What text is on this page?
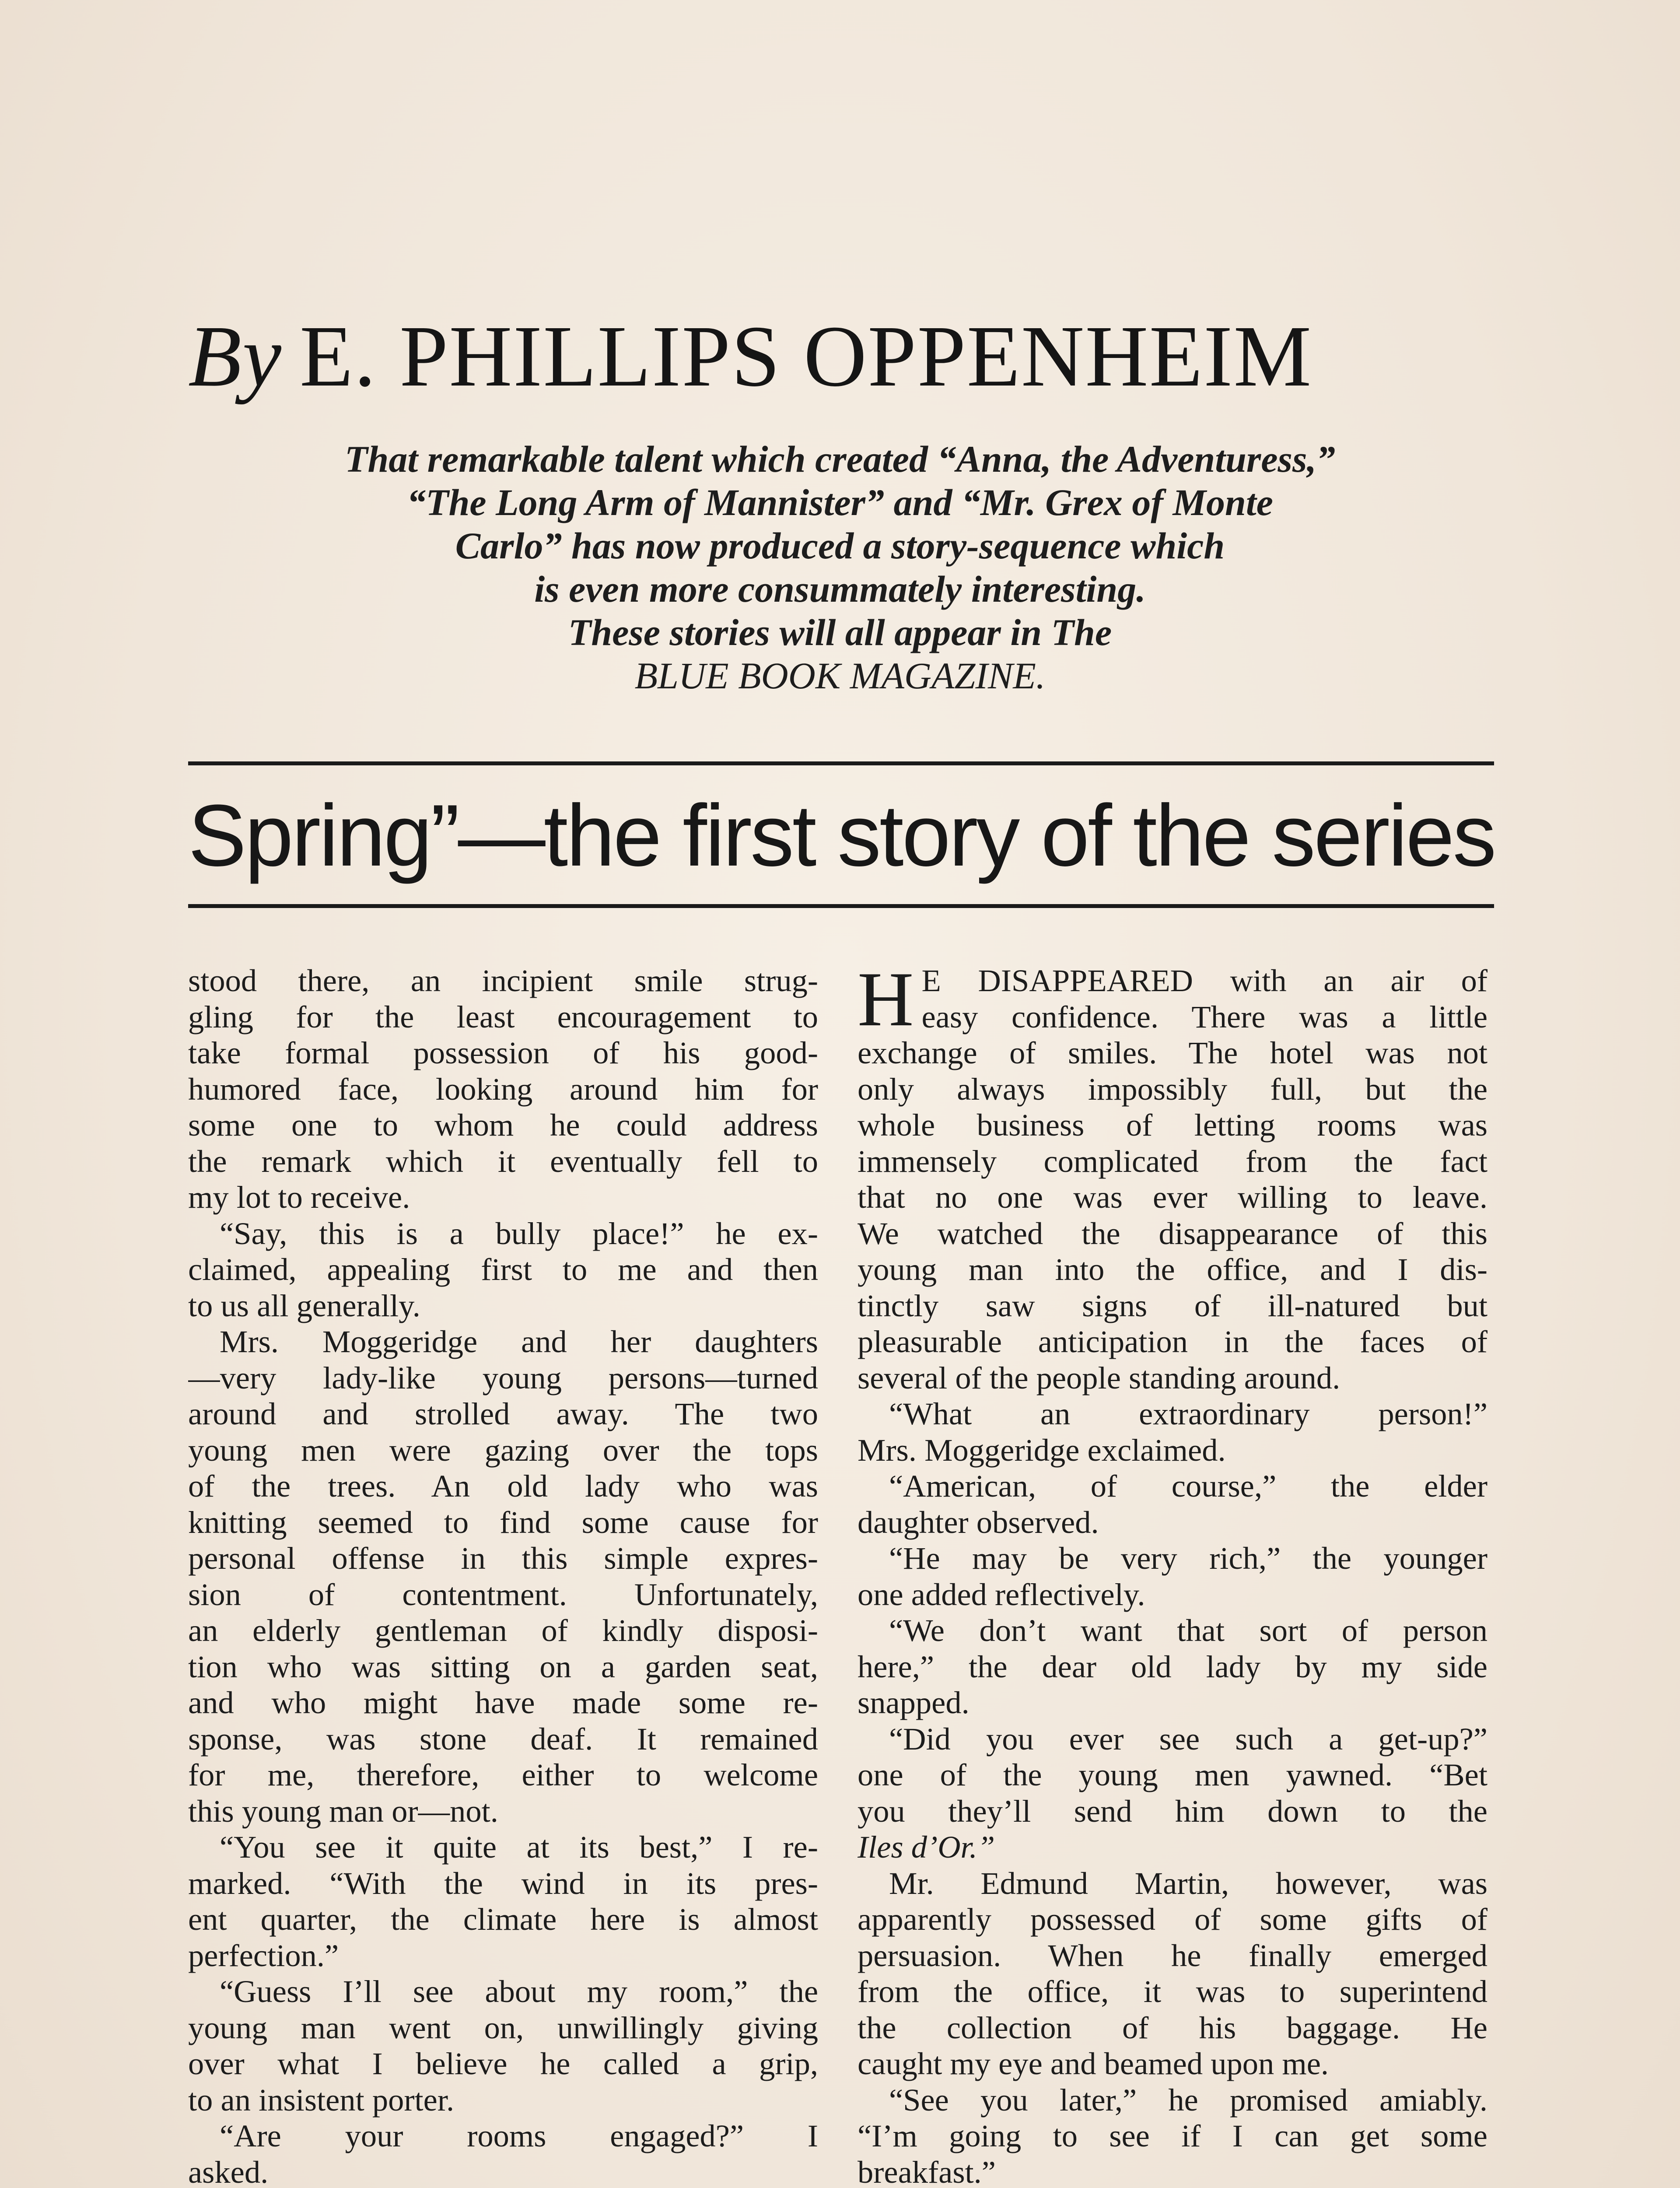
By E. PHILLIPS OPPENHEIM
That remarkable talent which created “Anna, the Adventuress,”
“The Long Arm of Mannister” and “Mr. Grex of Monte
Carlo” has now produced a story-sequence which
is even more consummately interesting.
These stories will all appear in The
BLUE BOOK MAGAZINE.
Spring”—the first story of the series
stood there, an incipient smile strug-
gling for the least encouragement to
take formal possession of his good-
humored face, looking around him for
some one to whom he could address
the remark which it eventually fell to
my lot to receive.
“Say, this is a bully place!” he ex-
claimed, appealing first to me and then
to us all generally.
Mrs. Moggeridge and her daughters
—very lady-like young persons—turned
around and strolled away. The two
young men were gazing over the tops
of the trees. An old lady who was
knitting seemed to find some cause for
personal offense in this simple expres-
sion of contentment. Unfortunately,
an elderly gentleman of kindly disposi-
tion who was sitting on a garden seat,
and who might have made some re-
sponse, was stone deaf. It remained
for me, therefore, either to welcome
this young man or—not.
“You see it quite at its best,” I re-
marked. “With the wind in its pres-
ent quarter, the climate here is almost
perfection.”
“Guess I’ll see about my room,” the
young man went on, unwillingly giving
over what I believe he called a grip,
to an insistent porter.
“Are your rooms engaged?” I
asked.
H E DISAPPEARED with an air of
easy confidence. There was a little
exchange of smiles. The hotel was not
only always impossibly full, but the
whole business of letting rooms was
immensely complicated from the fact
that no one was ever willing to leave.
We watched the disappearance of this
young man into the office, and I dis-
tinctly saw signs of ill-natured but
pleasurable anticipation in the faces of
several of the people standing around.
“What an extraordinary person!”
Mrs. Moggeridge exclaimed.
“American, of course,” the elder
daughter observed.
“He may be very rich,” the younger
one added reflectively.
“We don’t want that sort of person
here,” the dear old lady by my side
snapped.
“Did you ever see such a get-up?”
one of the young men yawned. “Bet
you they’ll send him down to the
Iles d’Or.”
Mr. Edmund Martin, however, was
apparently possessed of some gifts of
persuasion. When he finally emerged
from the office, it was to superintend
the collection of his baggage. He
caught my eye and beamed upon me.
“See you later,” he promised amiably.
“I’m going to see if I can get some
breakfast.”
